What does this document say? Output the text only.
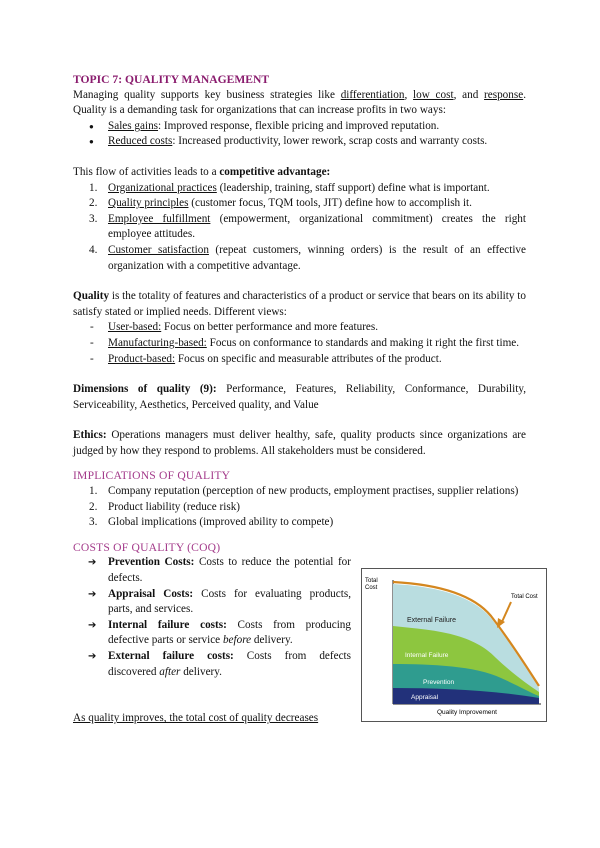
TOPIC 7: QUALITY MANAGEMENT

Managing quality supports key business strategies like differentiation, low cost, and response. Quality is a demanding task for organizations that can increase profits in two ways:

● Sales gains: Improved response, flexible pricing and improved reputation.
● Reduced costs: Increased productivity, lower rework, scrap costs and warranty costs.

This flow of activities leads to a competitive advantage:

1. Organizational practices (leadership, training, staff support) define what is important.
2. Quality principles (customer focus, TQM tools, JIT) define how to accomplish it.
3. Employee fulfillment (empowerment, organizational commitment) creates the right employee attitudes.
4. Customer satisfaction (repeat customers, winning orders) is the result of an effective organization with a competitive advantage.

Quality is the totality of features and characteristics of a product or service that bears on its ability to satisfy stated or implied needs. Different views:

- User-based: Focus on better performance and more features.
- Manufacturing-based: Focus on conformance to standards and making it right the first time.
- Product-based: Focus on specific and measurable attributes of the product.

Dimensions of quality (9): Performance, Features, Reliability, Conformance, Durability, Serviceability, Aesthetics, Perceived quality, and Value

Ethics: Operations managers must deliver healthy, safe, quality products since organizations are judged by how they respond to problems. All stakeholders must be considered.

IMPLICATIONS OF QUALITY
1. Company reputation (perception of new products, employment practises, supplier relations)
2. Product liability (reduce risk)
3. Global implications (improved ability to compete)
COSTS OF QUALITY (COQ)
➔ Prevention Costs: Costs to reduce the potential for defects.
➔ Appraisal Costs: Costs for evaluating products, parts, and services.
➔ Internal failure costs: Costs from producing defective parts or service before delivery.
➔ External failure costs: Costs from defects discovered after delivery.
Total
Cost
Total Cost
External Failure
Internal Failure
Prevention
Appraisal
Quality Improvement

As quality improves, the total cost of quality decreases
